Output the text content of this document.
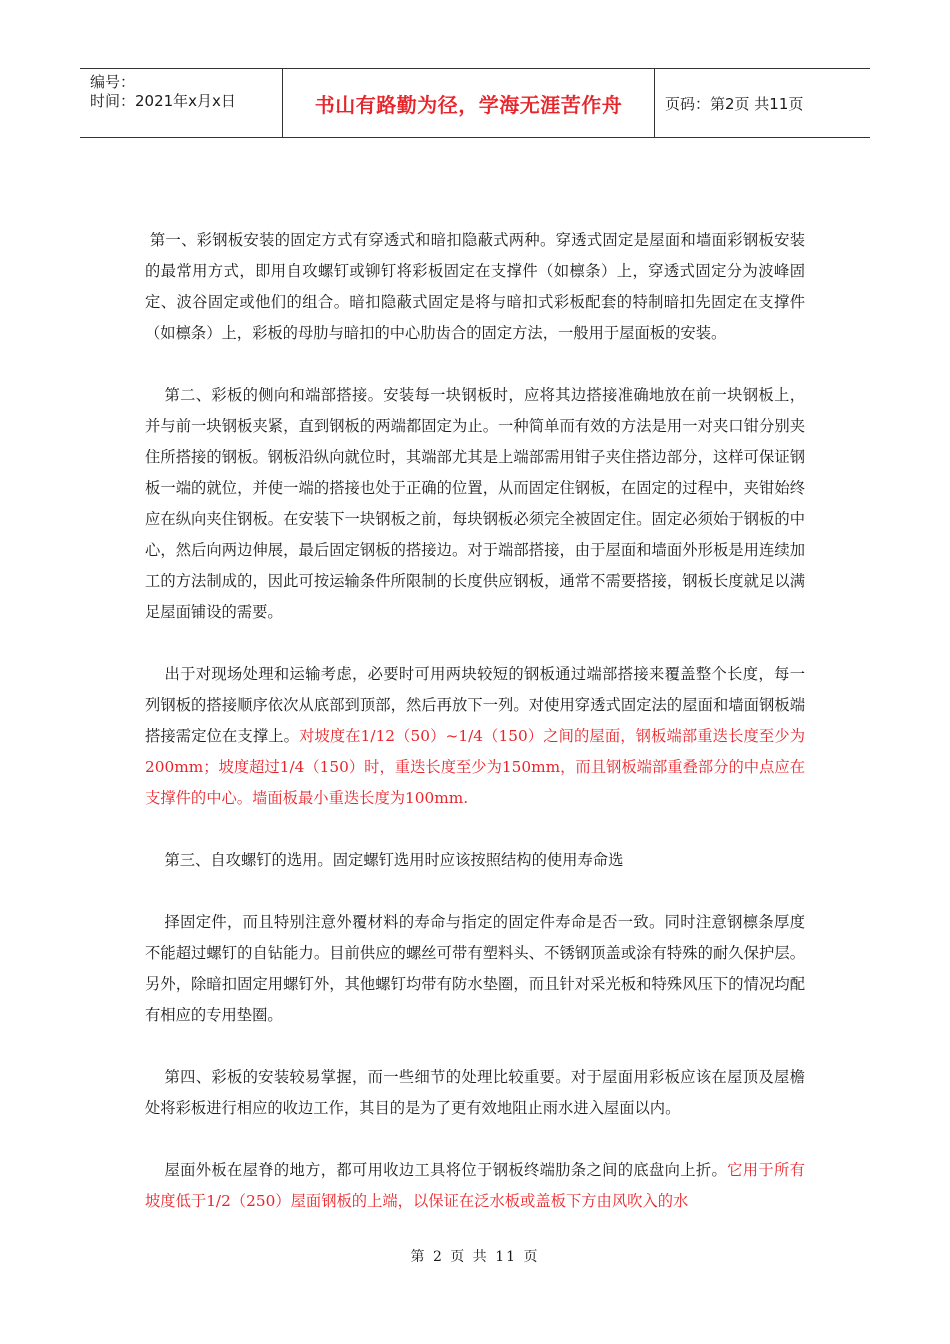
编号：
时间：2021年x月x日	书山有路勤为径，学海无涯苦作舟	页码：第2页 共11页

第一、彩钢板安装的固定方式有穿透式和暗扣隐蔽式两种。穿透式固定是屋面和墙面彩钢板安装的最常用方式，即用自攻螺钉或铆钉将彩板固定在支撑件（如檩条）上，穿透式固定分为波峰固定、波谷固定或他们的组合。暗扣隐蔽式固定是将与暗扣式彩板配套的特制暗扣先固定在支撑件（如檩条）上，彩板的母肋与暗扣的中心肋齿合的固定方法，一般用于屋面板的安装。

第二、彩板的侧向和端部搭接。安装每一块钢板时，应将其边搭接准确地放在前一块钢板上，并与前一块钢板夹紧，直到钢板的两端都固定为止。一种简单而有效的方法是用一对夹口钳分别夹住所搭接的钢板。钢板沿纵向就位时，其端部尤其是上端部需用钳子夹住搭边部分，这样可保证钢板一端的就位，并使一端的搭接也处于正确的位置，从而固定住钢板，在固定的过程中，夹钳始终应在纵向夹住钢板。在安装下一块钢板之前，每块钢板必须完全被固定住。固定必须始于钢板的中心，然后向两边伸展，最后固定钢板的搭接边。对于端部搭接，由于屋面和墙面外形板是用连续加工的方法制成的，因此可按运输条件所限制的长度供应钢板，通常不需要搭接，钢板长度就足以满足屋面铺设的需要。

出于对现场处理和运输考虑，必要时可用两块较短的钢板通过端部搭接来覆盖整个长度，每一列钢板的搭接顺序依次从底部到顶部，然后再放下一列。对使用穿透式固定法的屋面和墙面钢板端搭接需定位在支撑上。对坡度在1/12（50）~1/4（150）之间的屋面，钢板端部重迭长度至少为200mm；坡度超过1/4（150）时，重迭长度至少为150mm，而且钢板端部重叠部分的中点应在支撑件的中心。墙面板最小重迭长度为100mm.

第三、自攻螺钉的选用。固定螺钉选用时应该按照结构的使用寿命选

择固定件，而且特别注意外覆材料的寿命与指定的固定件寿命是否一致。同时注意钢檩条厚度不能超过螺钉的自钻能力。目前供应的螺丝可带有塑料头、不锈钢顶盖或涂有特殊的耐久保护层。另外，除暗扣固定用螺钉外，其他螺钉均带有防水垫圈，而且针对采光板和特殊风压下的情况均配有相应的专用垫圈。

第四、彩板的安装较易掌握，而一些细节的处理比较重要。对于屋面用彩板应该在屋顶及屋檐处将彩板进行相应的收边工作，其目的是为了更有效地阻止雨水进入屋面以内。

屋面外板在屋脊的地方，都可用收边工具将位于钢板终端肋条之间的底盘向上折。它用于所有坡度低于1/2（250）屋面钢板的上端，以保证在泛水板或盖板下方由风吹入的水

第 2 页 共 11 页
